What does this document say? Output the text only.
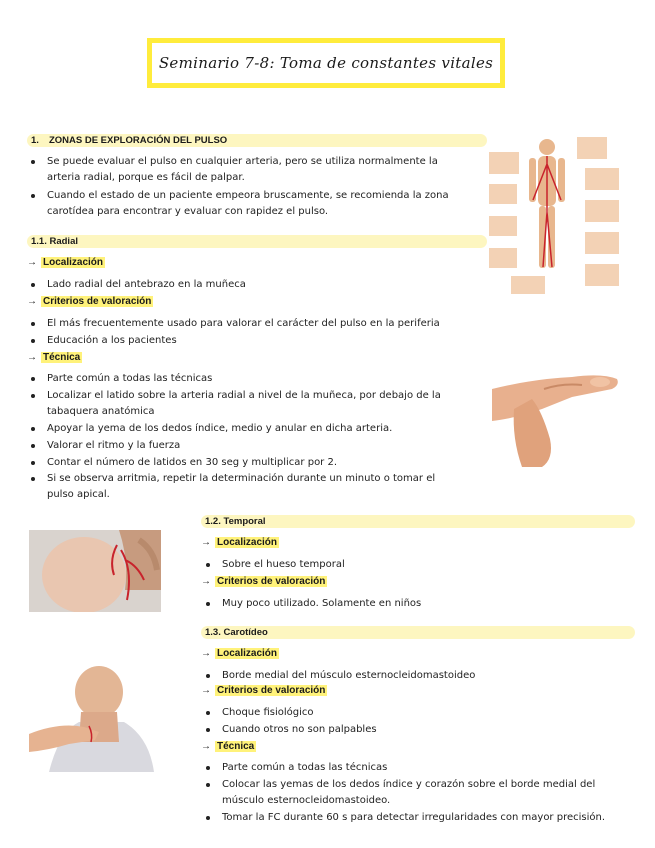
Seminario 7-8: Toma de constantes vitales
1. ZONAS DE EXPLORACIÓN DEL PULSO
Se puede evaluar el pulso en cualquier arteria, pero se utiliza normalmente la
arteria radial, porque es fácil de palpar.
Cuando el estado de un paciente empeora bruscamente, se recomienda la zona
carotídea para encontrar y evaluar con rapidez el pulso.
1.1. Radial
→ Localización
Lado radial del antebrazo en la muñeca
→ Criterios de valoración
El más frecuentemente usado para valorar el carácter del pulso en la periferia
Educación a los pacientes
→ Técnica
Parte común a todas las técnicas
Localizar el latido sobre la arteria radial a nivel de la muñeca, por debajo de la
tabaquera anatómica
Apoyar la yema de los dedos índice, medio y anular en dicha arteria.
Valorar el ritmo y la fuerza
Contar el número de latidos en 30 seg y multiplicar por 2.
Si se observa arritmia, repetir la determinación durante un minuto o tomar el
pulso apical.
1.2. Temporal
→ Localización
Sobre el hueso temporal
→ Criterios de valoración
Muy poco utilizado. Solamente en niños
1.3. Carotídeo
→ Localización
Borde medial del músculo esternocleidomastoideo
→ Criterios de valoración
Choque fisiológico
Cuando otros no son palpables
→ Técnica
Parte común a todas las técnicas
Colocar las yemas de los dedos índice y corazón sobre el borde medial del
músculo esternocleidomastoideo.
Tomar la FC durante 60 s para detectar irregularidades con mayor precisión.
